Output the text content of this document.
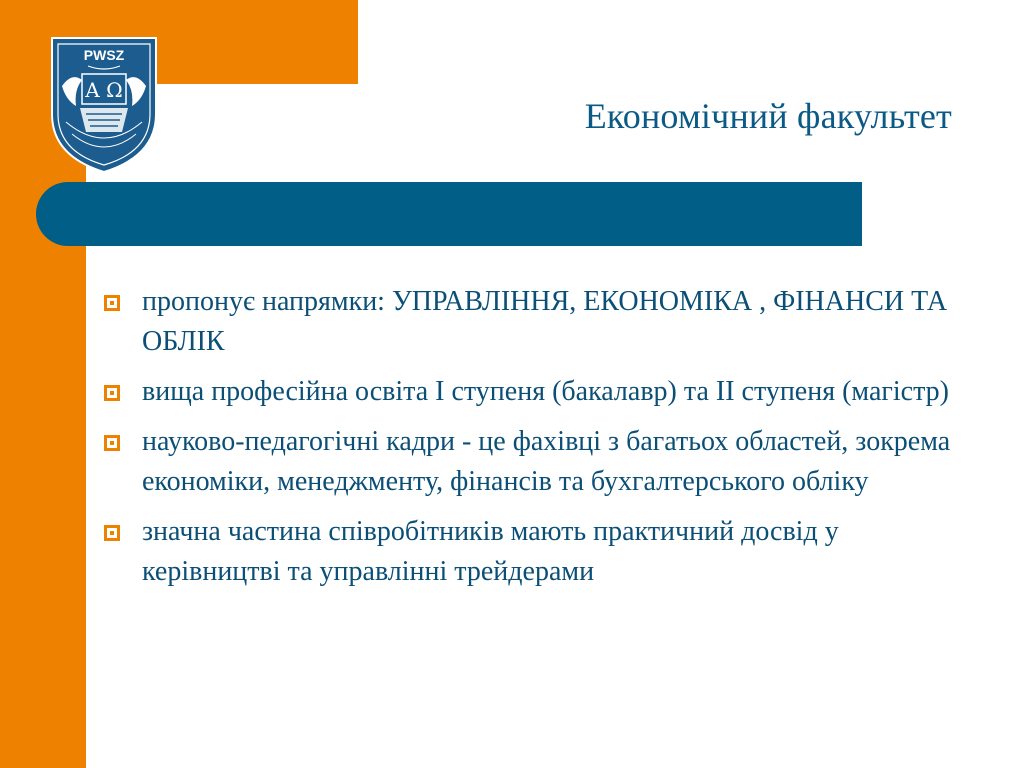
PWSZ
A Ω
Економічний факультет
пропонує напрямки: УПРАВЛІННЯ, ЕКОНОМІКА , ФІНАНСИ ТА ОБЛІК
вища професійна освіта I ступеня (бакалавр) та II ступеня (магістр)
науково-педагогічні кадри - це фахівці з багатьох областей, зокрема економіки, менеджменту, фінансів та бухгалтерського обліку
значна частина співробітників мають практичний досвід у керівництві та управлінні трейдерами
